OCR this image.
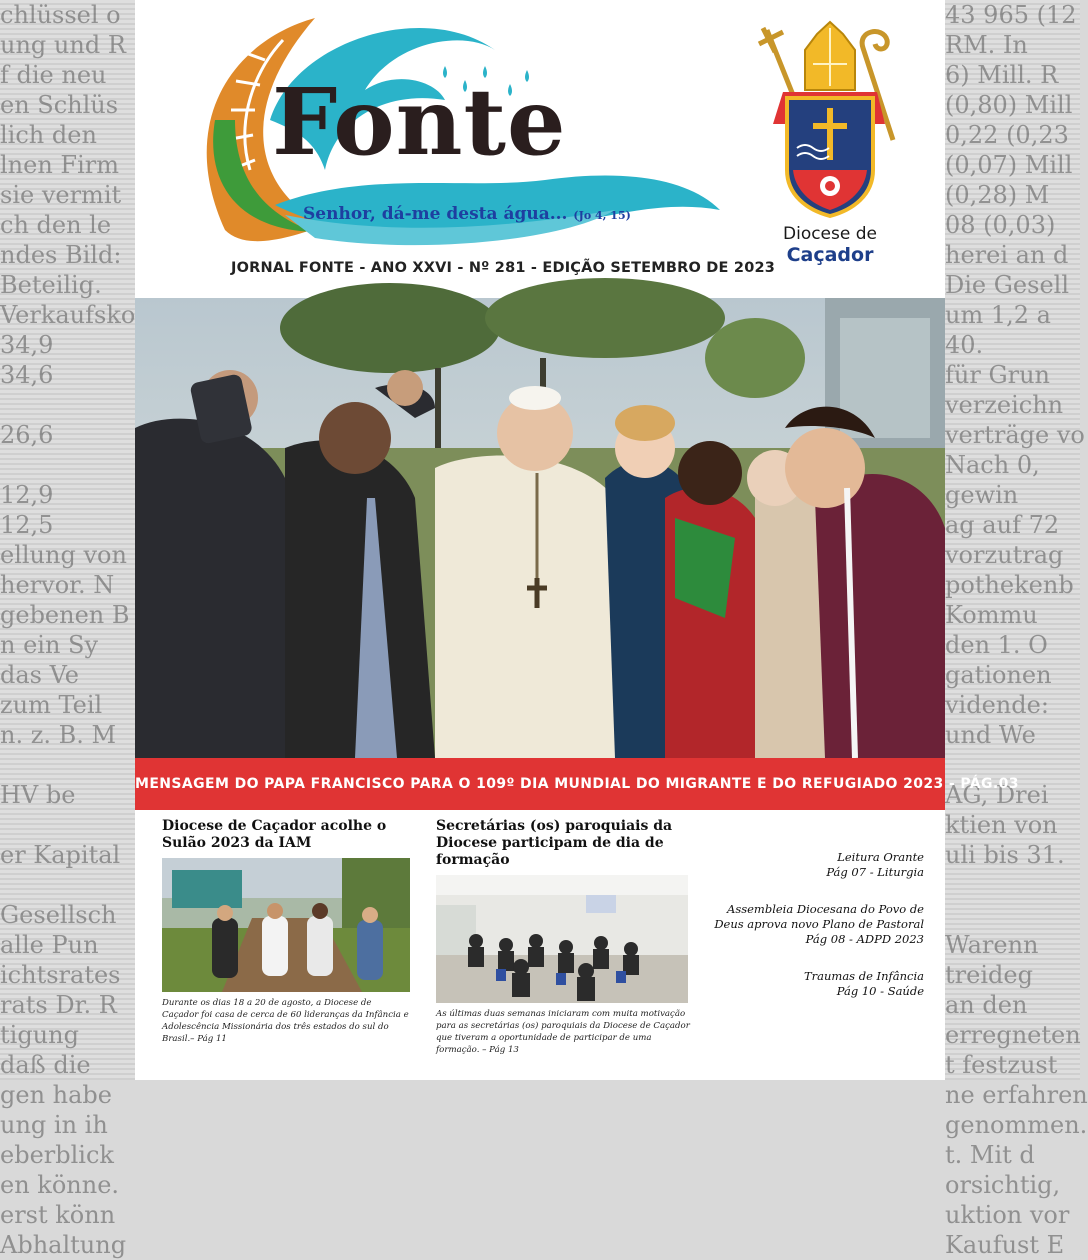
chlüssel o
ung und R
f die neu
en Schlüs
lich den
lnen Firm
sie vermit
ch den le
ndes Bild:
Beteilig.
Verkaufsko
34,9
34,6

26,6

12,9
12,5
ellung von
hervor. N
gebenen B
n ein Sy
das Ve
zum Teil
n. z. B. M

HV be

er Kapital

Gesellsch
alle Pun
ichtsrates
rats Dr. R
tigung
daß die
gen habe
ung in ih
eberblick
en könne.
erst könn
Abhaltung
43 965 (12
RM. In
6) Mill. R
(0,80) Mill
0,22 (0,23
(0,07) Mill
(0,28) M
08 (0,03)
herei an d
Die Gesell
um 1,2 a
40.
für Grun
verzeichn
verträge vo
Nach 0,
gewin
ag auf 72
vorzutrag
pothekenb
Kommu
den 1. O
gationen
vidende:
und We

AG, Drei
ktien von
uli bis 31.

Warenn
treideg
an den
erregneten
t festzust
ne erfahren
genommen.
t. Mit d
orsichtig,
uktion vor
Kaufust E
Fonte
Senhor, dá-me desta água... (Jo 4, 15)
JORNAL FONTE - ANO XXVI - Nº 281 - EDIÇÃO SETEMBRO DE 2023
Diocese de
Caçador
MENSAGEM DO PAPA FRANCISCO PARA O 109º DIA MUNDIAL DO MIGRANTE E DO REFUGIADO 2023 - PÁG.03
Diocese de Caçador acolhe o Sulão 2023 da IAM
Durante os dias 18 a 20 de agosto, a Diocese de Caçador foi casa de cerca de 60 lideranças da Infância e Adolescência Missionária dos três estados do sul do Brasil.– Pág 11
Secretárias (os) paroquiais da Diocese participam de dia de formação
As últimas duas semanas iniciaram com muita motivação para as secretárias (os) paroquiais da Diocese de Caçador que tiveram a oportunidade de participar de uma formação. – Pág 13
Leitura Orante
Pág 07 - Liturgia
Assembleia Diocesana do Povo de Deus aprova novo Plano de Pastoral
Pág 08 - ADPD 2023
Traumas de Infância
Pág 10 - Saúde
